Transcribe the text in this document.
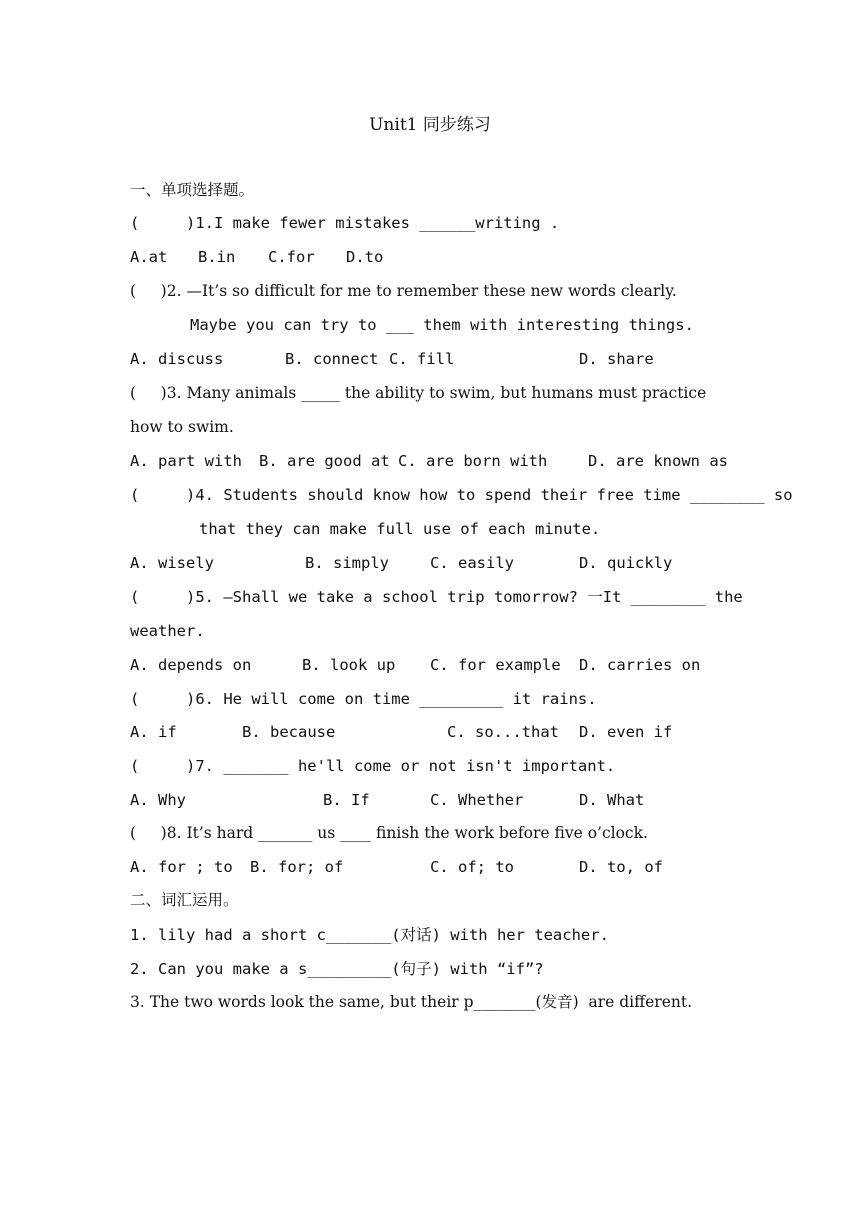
Unit1 同步练习
一、单项选择题。
(     )1.I make fewer mistakes ______writing .
A.at B.in C.for D.to
(     )2. —It’s so difficult for me to remember these new words clearly.
Maybe you can try to ___ them with interesting things.
A. discuss	B. connect C. fill	D. share
(     )3. Many animals _____ the ability to swim, but humans must practice
how to swim.
A. part with B. are good at C. are born with	D. are known as
(     )4. Students should know how to spend their free time ________ so
that they can make full use of each minute.
A. wisely	B. simply	C. easily	D. quickly
(     )5. —Shall we take a school trip tomorrow? 一It ________ the
weather.
A. depends on	B. look up C. for example D. carries on
(     )6. He will come on time _________ it rains.
A. if	B. because	C. so...that D. even if
(     )7. _______ he'll come or not isn't important.
A. Why	B. If	C. Whether	D. What
(     )8. It’s hard _______ us ____ finish the work before five o’clock.
A. for ; to B. for; of	C. of; to	D. to, of
二、词汇运用。
1. lily had a short c_______(对话) with her teacher.
2. Can you make a s_________(句子) with “if”?
3. The two words look the same, but their p________(发音)  are different.
